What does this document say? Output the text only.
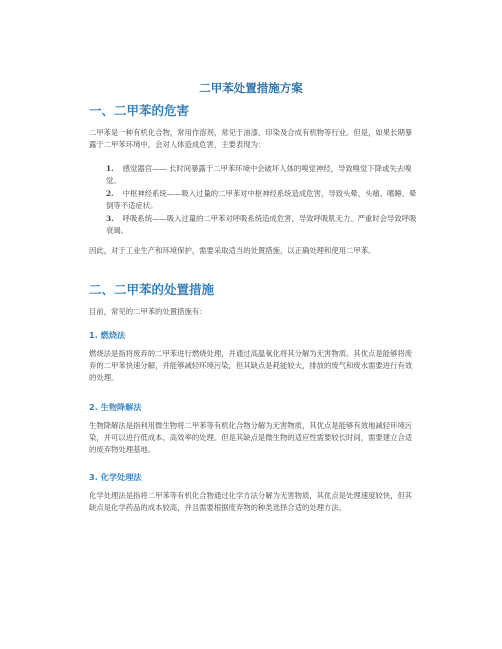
二甲苯处置措施方案
一、二甲苯的危害
二甲苯是一种有机化合物，常用作溶剂，常见于油漆、印染及合成有机物等行业。但是，如果长期暴露于二甲苯环境中，会对人体造成危害，主要表现为：
1. 感觉器官—— 长时间暴露于二甲苯环境中会破坏人体的嗅觉神经，导致嗅觉下降或失去嗅觉。
2. 中枢神经系统——吸入过量的二甲苯对中枢神经系统造成危害，导致头晕、头痛、嗜睡、晕倒等不适症状。
3. 呼吸系统——吸入过量的二甲苯对呼吸系统造成危害，导致呼吸肌无力、严重时会导致呼吸衰竭。
因此，对于工业生产和环境保护，需要采取适当的处置措施，以正确处理和使用二甲苯。
二、二甲苯的处置措施
目前，常见的二甲苯的处置措施有：
1. 燃烧法
燃烧法是指将废弃的二甲苯进行燃烧处理，并通过高温氧化将其分解为无害物质。其优点是能够将废弃的二甲苯快速分解，并能够减轻环境污染，但其缺点是耗能较大，排放的废气和废水需要进行有效的处理。
2. 生物降解法
生物降解法是指利用微生物将二甲苯等有机化合物分解为无害物质，其优点是能够有效地减轻环境污染，并可以进行低成本、高效率的处理。但是其缺点是微生物的适应性需要较长时间，需要建立合适的废弃物处理基地。
3. 化学处理法
化学处理法是指将二甲苯等有机化合物通过化学方法分解为无害物质，其优点是处理速度较快，但其缺点是化学药品的成本较高，并且需要根据废弃物的种类选择合适的处理方法。
